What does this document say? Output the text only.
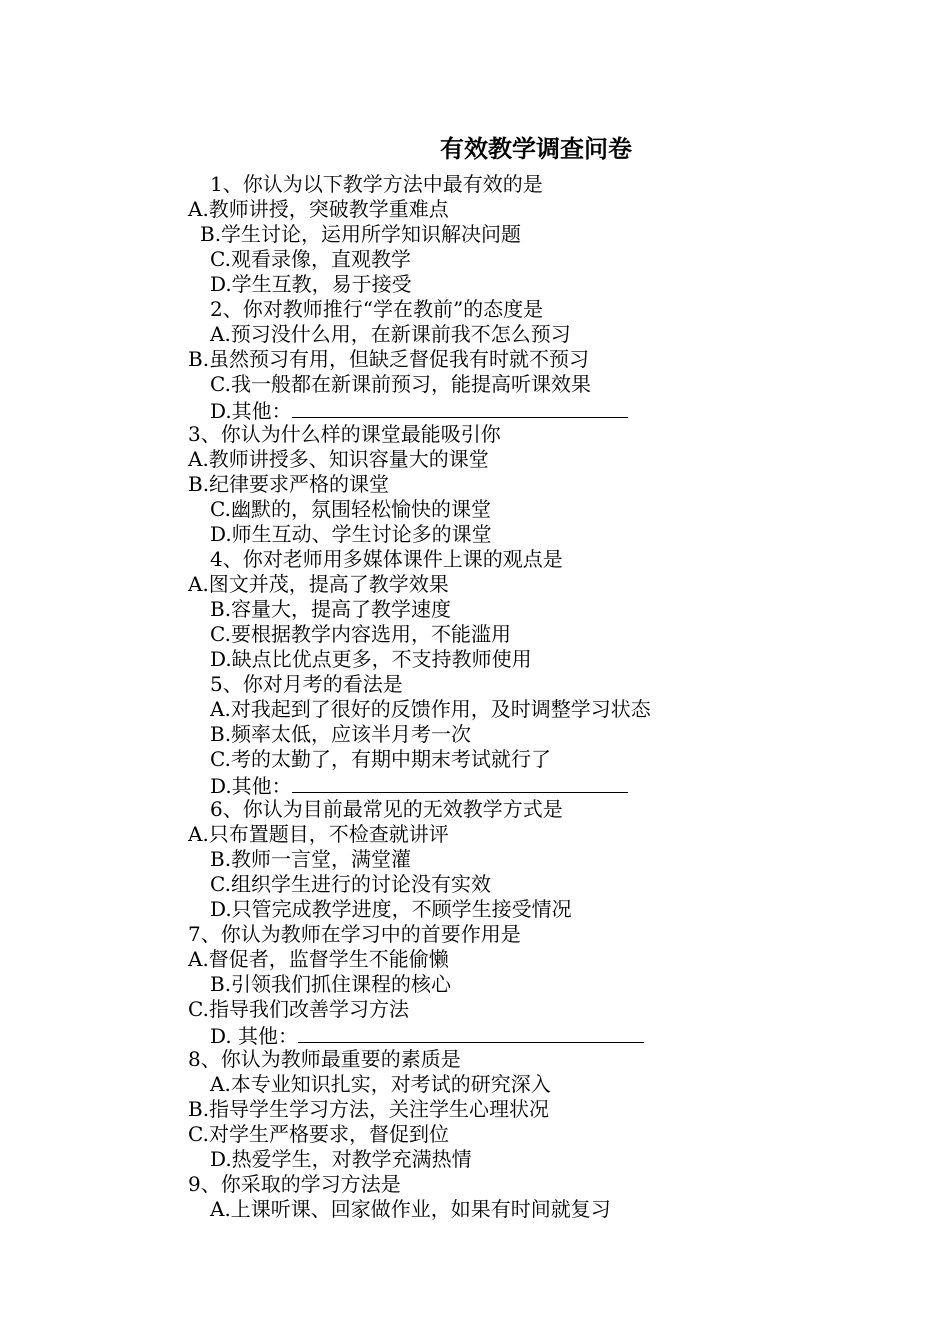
有效教学调查问卷
1、你认为以下教学方法中最有效的是
A.教师讲授，突破教学重难点
B.学生讨论，运用所学知识解决问题
C.观看录像，直观教学
D.学生互教，易于接受
2、你对教师推行“学在教前”的态度是
A.预习没什么用，在新课前我不怎么预习
B.虽然预习有用，但缺乏督促我有时就不预习
C.我一般都在新课前预习，能提高听课效果
D.其他：
3、你认为什么样的课堂最能吸引你
A.教师讲授多、知识容量大的课堂
B.纪律要求严格的课堂
C.幽默的，氛围轻松愉快的课堂
D.师生互动、学生讨论多的课堂
4、你对老师用多媒体课件上课的观点是
A.图文并茂，提高了教学效果
B.容量大，提高了教学速度
C.要根据教学内容选用，不能滥用
D.缺点比优点更多，不支持教师使用
5、你对月考的看法是
A.对我起到了很好的反馈作用，及时调整学习状态
B.频率太低，应该半月考一次
C.考的太勤了，有期中期末考试就行了
D.其他：
6、你认为目前最常见的无效教学方式是
A.只布置题目，不检查就讲评
B.教师一言堂，满堂灌
C.组织学生进行的讨论没有实效
D.只管完成教学进度，不顾学生接受情况
7、你认为教师在学习中的首要作用是
A.督促者，监督学生不能偷懒
B.引领我们抓住课程的核心
C.指导我们改善学习方法
D. 其他：
8、你认为教师最重要的素质是
A.本专业知识扎实，对考试的研究深入
B.指导学生学习方法，关注学生心理状况
C.对学生严格要求，督促到位
D.热爱学生，对教学充满热情
9、你采取的学习方法是
A.上课听课、回家做作业，如果有时间就复习
